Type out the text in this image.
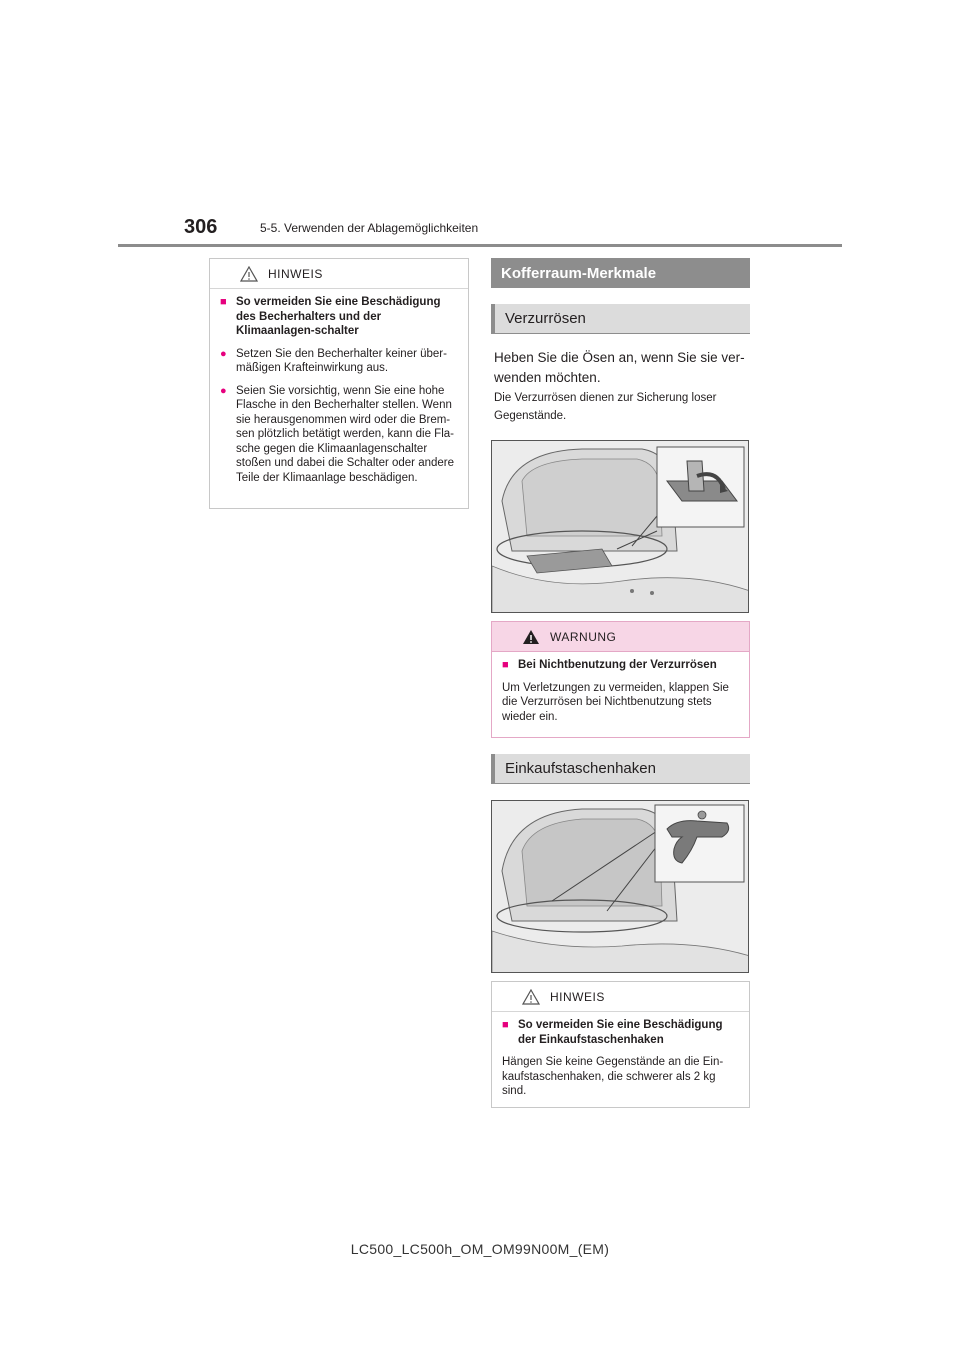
306	5-5. Verwenden der Ablagemöglichkeiten
HINWEIS
■ So vermeiden Sie eine Beschädigung des Becherhalters und der Klimaanlagen-schalter
● Setzen Sie den Becherhalter keiner über-mäßigen Krafteinwirkung aus.
● Seien Sie vorsichtig, wenn Sie eine hohe Flasche in den Becherhalter stellen. Wenn sie herausgenommen wird oder die Brem-sen plötzlich betätigt werden, kann die Fla-sche gegen die Klimaanlagenschalter stoßen und dabei die Schalter oder andere Teile der Klimaanlage beschädigen.
Kofferraum-Merkmale
Verzurrösen
Heben Sie die Ösen an, wenn Sie sie ver-wenden möchten.
Die Verzurrösen dienen zur Sicherung loser Gegenstände.
WARNUNG
■ Bei Nichtbenutzung der Verzurrösen
Um Verletzungen zu vermeiden, klappen Sie die Verzurrösen bei Nichtbenutzung stets wieder ein.
Einkaufstaschenhaken
HINWEIS
■ So vermeiden Sie eine Beschädigung der Einkaufstaschenhaken
Hängen Sie keine Gegenstände an die Ein-kaufstaschenhaken, die schwerer als 2 kg sind.
LC500_LC500h_OM_OM99N00M_(EM)
